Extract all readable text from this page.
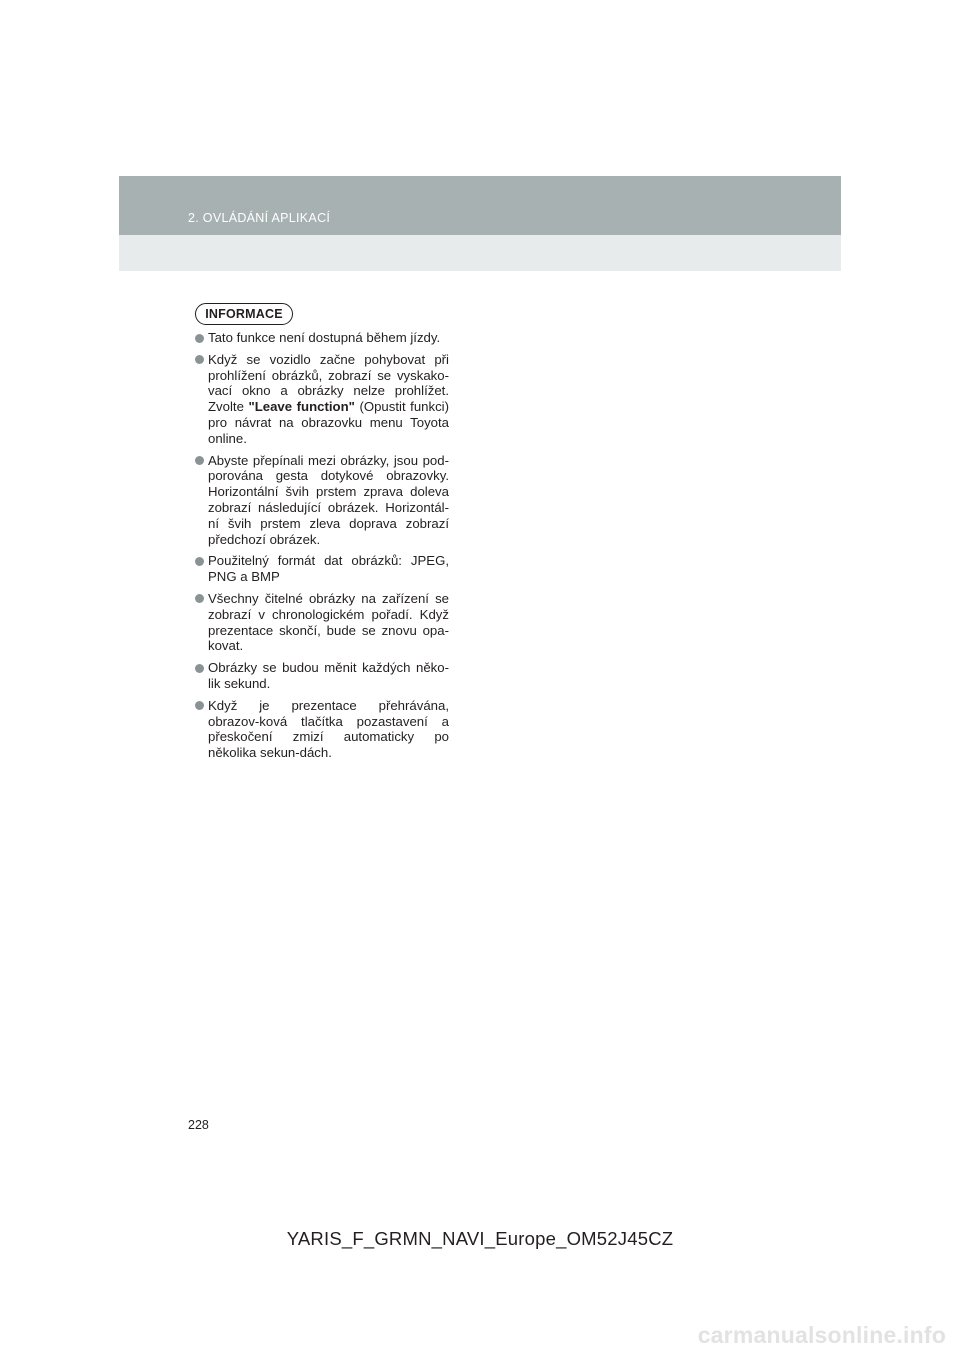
2. OVLÁDÁNÍ APLIKACÍ
INFORMACE
Tato funkce není dostupná během jízdy.
Když se vozidlo začne pohybovat při prohlížení obrázků, zobrazí se vyskako-vací okno a obrázky nelze prohlížet. Zvolte "Leave function" (Opustit funkci) pro návrat na obrazovku menu Toyota online.
Abyste přepínali mezi obrázky, jsou pod-porována gesta dotykové obrazovky. Horizontální švih prstem zprava doleva zobrazí následující obrázek. Horizontál-ní švih prstem zleva doprava zobrazí předchozí obrázek.
Použitelný formát dat obrázků: JPEG, PNG a BMP
Všechny čitelné obrázky na zařízení se zobrazí v chronologickém pořadí. Když prezentace skončí, bude se znovu opa-kovat.
Obrázky se budou měnit každých něko-lik sekund.
Když je prezentace přehrávána, obrazov-ková tlačítka pozastavení a přeskočení zmizí automaticky po několika sekun-dách.
228
YARIS_F_GRMN_NAVI_Europe_OM52J45CZ
carmanualsonline.info
